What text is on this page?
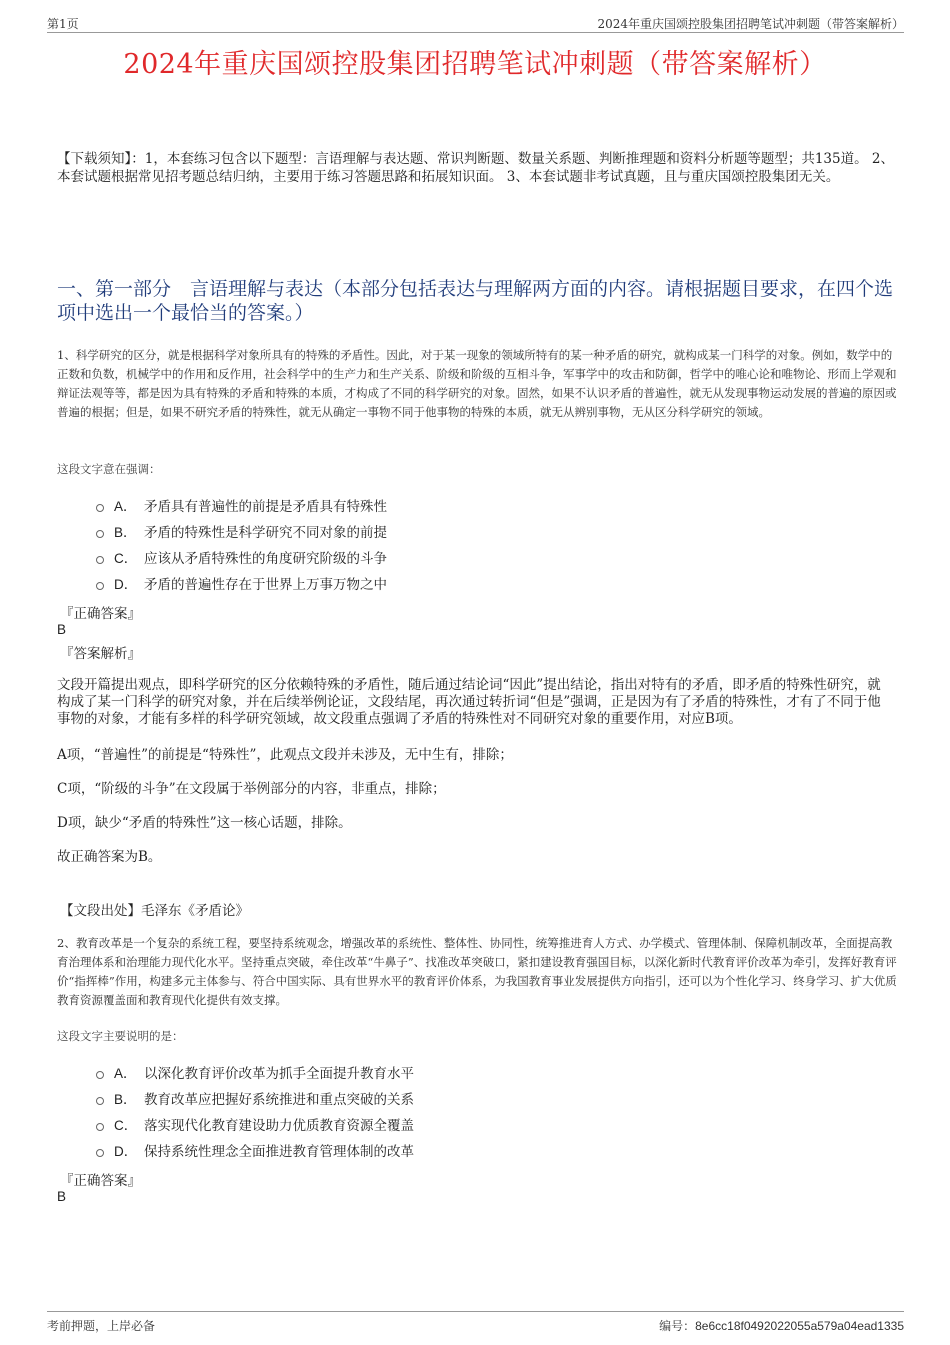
第1页	2024年重庆国颂控股集团招聘笔试冲刺题（带答案解析）
2024年重庆国颂控股集团招聘笔试冲刺题（带答案解析）
【下载须知】：1，本套练习包含以下题型：言语理解与表达题、常识判断题、数量关系题、判断推理题和资料分析题等题型；共135道。 2、本套试题根据常见招考题总结归纳，主要用于练习答题思路和拓展知识面。 3、本套试题非考试真题，且与重庆国颂控股集团无关。
一、第一部分　言语理解与表达（本部分包括表达与理解两方面的内容。请根据题目要求，在四个选项中选出一个最恰当的答案。）
1、科学研究的区分，就是根据科学对象所具有的特殊的矛盾性。因此，对于某一现象的领域所特有的某一种矛盾的研究，就构成某一门科学的对象。例如，数学中的正数和负数，机械学中的作用和反作用，社会科学中的生产力和生产关系、阶级和阶级的互相斗争，军事学中的攻击和防御，哲学中的唯心论和唯物论、形而上学观和辩证法观等等，都是因为具有特殊的矛盾和特殊的本质，才构成了不同的科学研究的对象。固然，如果不认识矛盾的普遍性，就无从发现事物运动发展的普遍的原因或普遍的根据；但是，如果不研究矛盾的特殊性，就无从确定一事物不同于他事物的特殊的本质，就无从辨别事物，无从区分科学研究的领域。
这段文字意在强调：
A． 矛盾具有普遍性的前提是矛盾具有特殊性
B． 矛盾的特殊性是科学研究不同对象的前提
C． 应该从矛盾特殊性的角度研究阶级的斗争
D． 矛盾的普遍性存在于世界上万事万物之中
『正确答案』
B
『答案解析』

文段开篇提出观点，即科学研究的区分依赖特殊的矛盾性，随后通过结论词“因此”提出结论，指出对特有的矛盾，即矛盾的特殊性研究，就构成了某一门科学的研究对象，并在后续举例论证，文段结尾，再次通过转折词“但是”强调，正是因为有了矛盾的特殊性，才有了不同于他事物的对象，才能有多样的科学研究领域，故文段重点强调了矛盾的特殊性对不同研究对象的重要作用，对应B项。

A项，“普遍性”的前提是“特殊性”，此观点文段并未涉及，无中生有，排除；

C项，“阶级的斗争”在文段属于举例部分的内容，非重点，排除；

D项，缺少“矛盾的特殊性”这一核心话题，排除。

故正确答案为B。

【文段出处】毛泽东《矛盾论》
2、教育改革是一个复杂的系统工程，要坚持系统观念，增强改革的系统性、整体性、协同性，统筹推进育人方式、办学模式、管理体制、保障机制改革，全面提高教育治理体系和治理能力现代化水平。坚持重点突破，牵住改革“牛鼻子”、找准改革突破口，紧扣建设教育强国目标，以深化新时代教育评价改革为牵引，发挥好教育评价“指挥棒”作用，构建多元主体参与、符合中国实际、具有世界水平的教育评价体系，为我国教育事业发展提供方向指引，还可以为个性化学习、终身学习、扩大优质教育资源覆盖面和教育现代化提供有效支撑。
这段文字主要说明的是：
A． 以深化教育评价改革为抓手全面提升教育水平
B． 教育改革应把握好系统推进和重点突破的关系
C． 落实现代化教育建设助力优质教育资源全覆盖
D． 保持系统性理念全面推进教育管理体制的改革
『正确答案』
B
考前押题，上岸必备	编号：8e6cc18f0492022055a579a04ead1335
